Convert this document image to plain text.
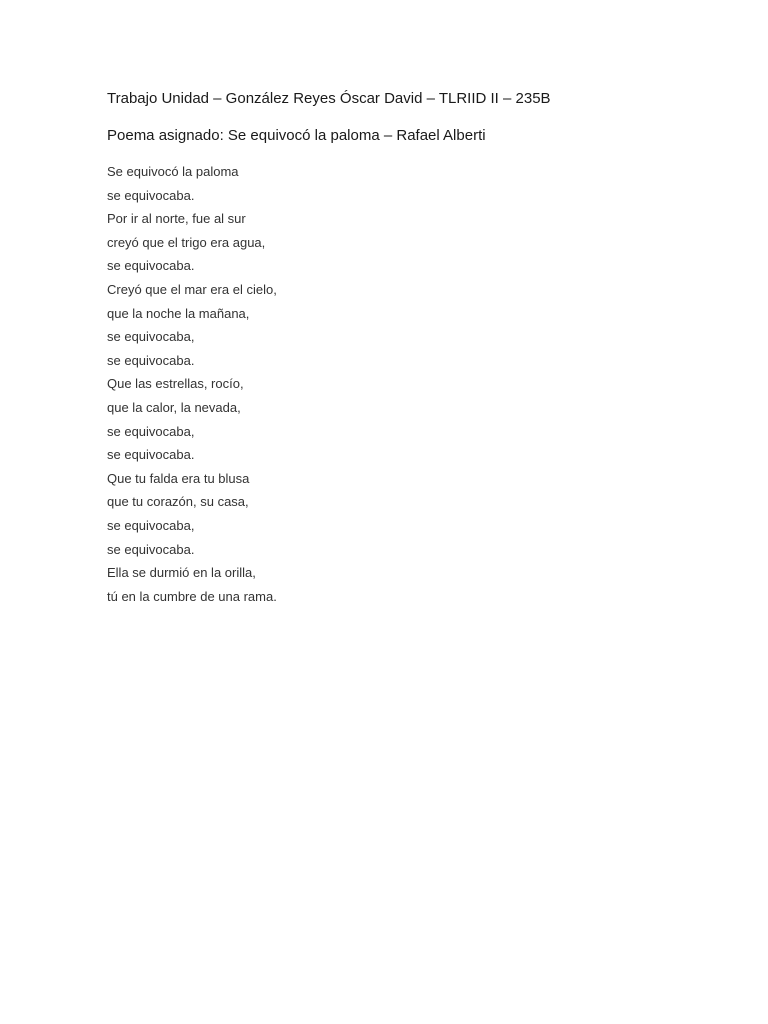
Trabajo Unidad – González Reyes Óscar David – TLRIID II – 235B

Poema asignado: Se equivocó la paloma – Rafael Alberti

Se equivocó la paloma
se equivocaba.
Por ir al norte, fue al sur
creyó que el trigo era agua,
se equivocaba.
Creyó que el mar era el cielo,
que la noche la mañana,
se equivocaba,
se equivocaba.
Que las estrellas, rocío,
que la calor, la nevada,
se equivocaba,
se equivocaba.
Que tu falda era tu blusa
que tu corazón, su casa,
se equivocaba,
se equivocaba.
Ella se durmió en la orilla,
tú en la cumbre de una rama.
